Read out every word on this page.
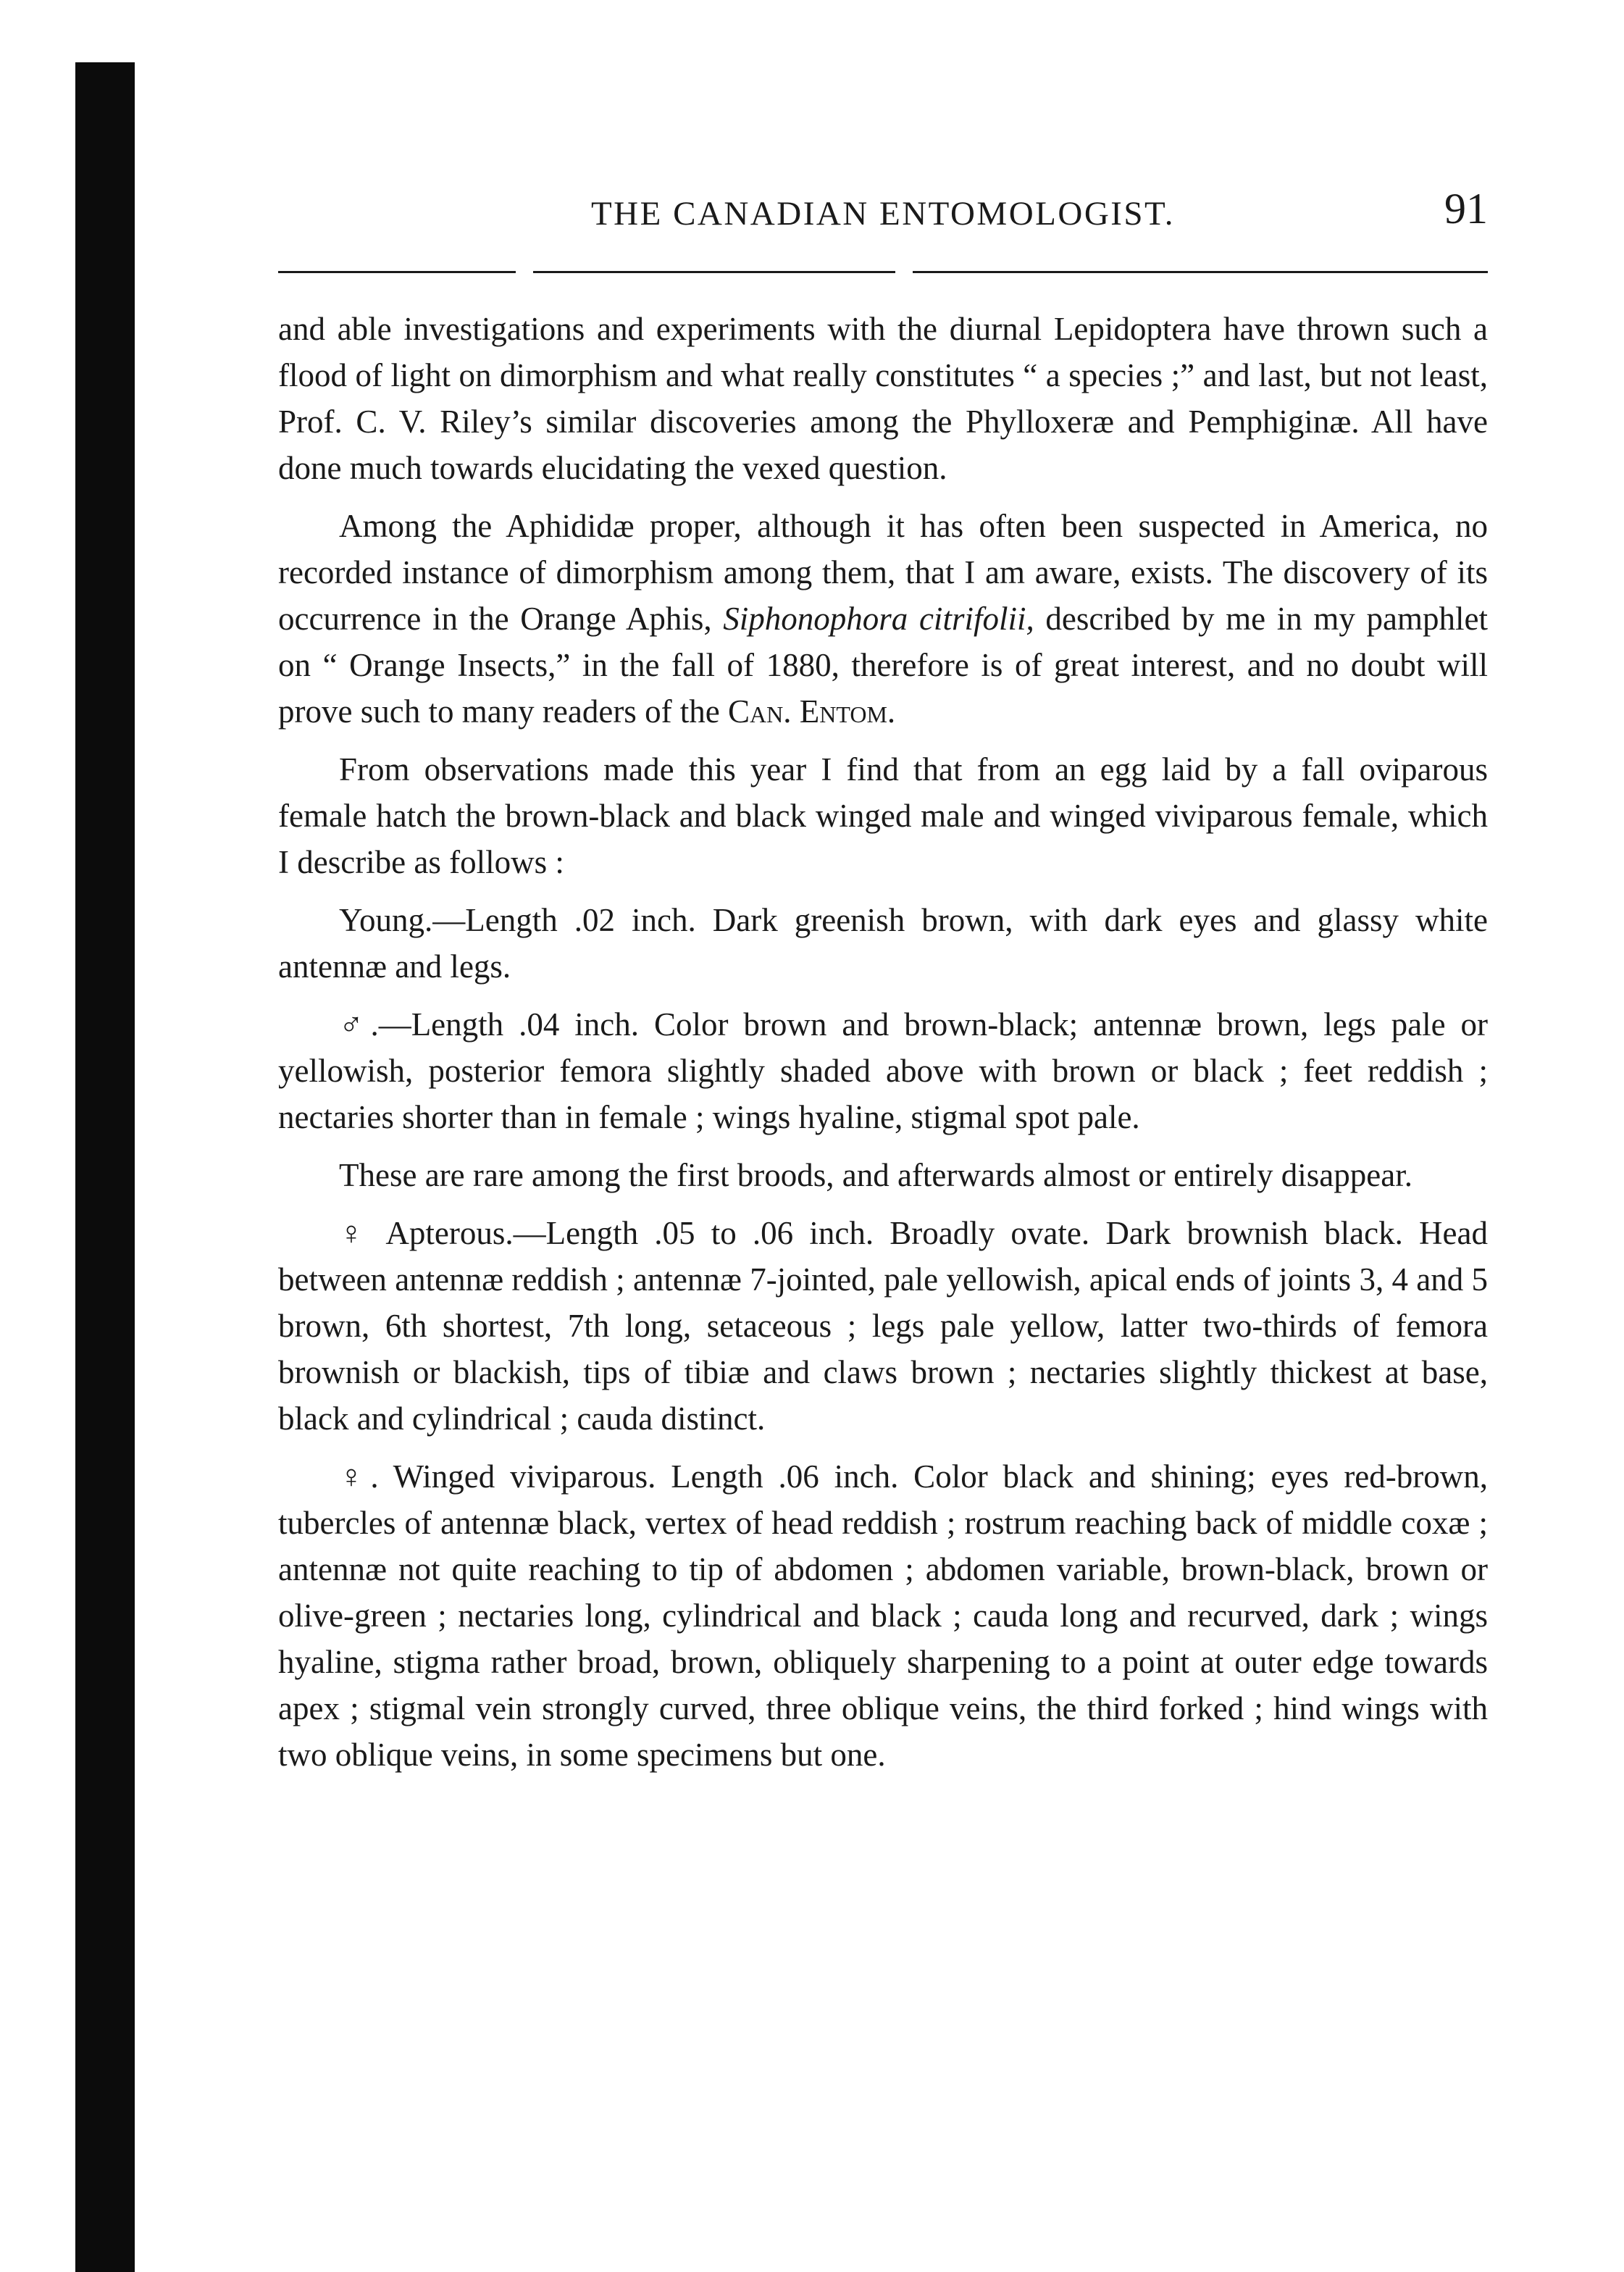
THE CANADIAN ENTOMOLOGIST.	91

and able investigations and experiments with the diurnal Lepidoptera have thrown such a flood of light on dimorphism and what really constitutes “ a species ;” and last, but not least, Prof. C. V. Riley’s similar discoveries among the Phylloxeræ and Pemphiginæ. All have done much towards elucidating the vexed question.

Among the Aphididæ proper, although it has often been suspected in America, no recorded instance of dimorphism among them, that I am aware, exists. The discovery of its occurrence in the Orange Aphis, Siphonophora citrifolii, described by me in my pamphlet on “ Orange Insects,” in the fall of 1880, therefore is of great interest, and no doubt will prove such to many readers of the Can. Entom.

From observations made this year I find that from an egg laid by a fall oviparous female hatch the brown-black and black winged male and winged viviparous female, which I describe as follows :

Young.—Length .02 inch. Dark greenish brown, with dark eyes and glassy white antennæ and legs.

♂.—Length .04 inch. Color brown and brown-black; antennæ brown, legs pale or yellowish, posterior femora slightly shaded above with brown or black ; feet reddish ; nectaries shorter than in female ; wings hyaline, stigmal spot pale.

These are rare among the first broods, and afterwards almost or entirely disappear.

♀ Apterous.—Length .05 to .06 inch. Broadly ovate. Dark brownish black. Head between antennæ reddish ; antennæ 7-jointed, pale yellowish, apical ends of joints 3, 4 and 5 brown, 6th shortest, 7th long, setaceous ; legs pale yellow, latter two-thirds of femora brownish or blackish, tips of tibiæ and claws brown ; nectaries slightly thickest at base, black and cylindrical ; cauda distinct.

♀. Winged viviparous. Length .06 inch. Color black and shining; eyes red-brown, tubercles of antennæ black, vertex of head reddish ; rostrum reaching back of middle coxæ ; antennæ not quite reaching to tip of abdomen ; abdomen variable, brown-black, brown or olive-green ; nectaries long, cylindrical and black ; cauda long and recurved, dark ; wings hyaline, stigma rather broad, brown, obliquely sharpening to a point at outer edge towards apex ; stigmal vein strongly curved, three oblique veins, the third forked ; hind wings with two oblique veins, in some specimens but one.
